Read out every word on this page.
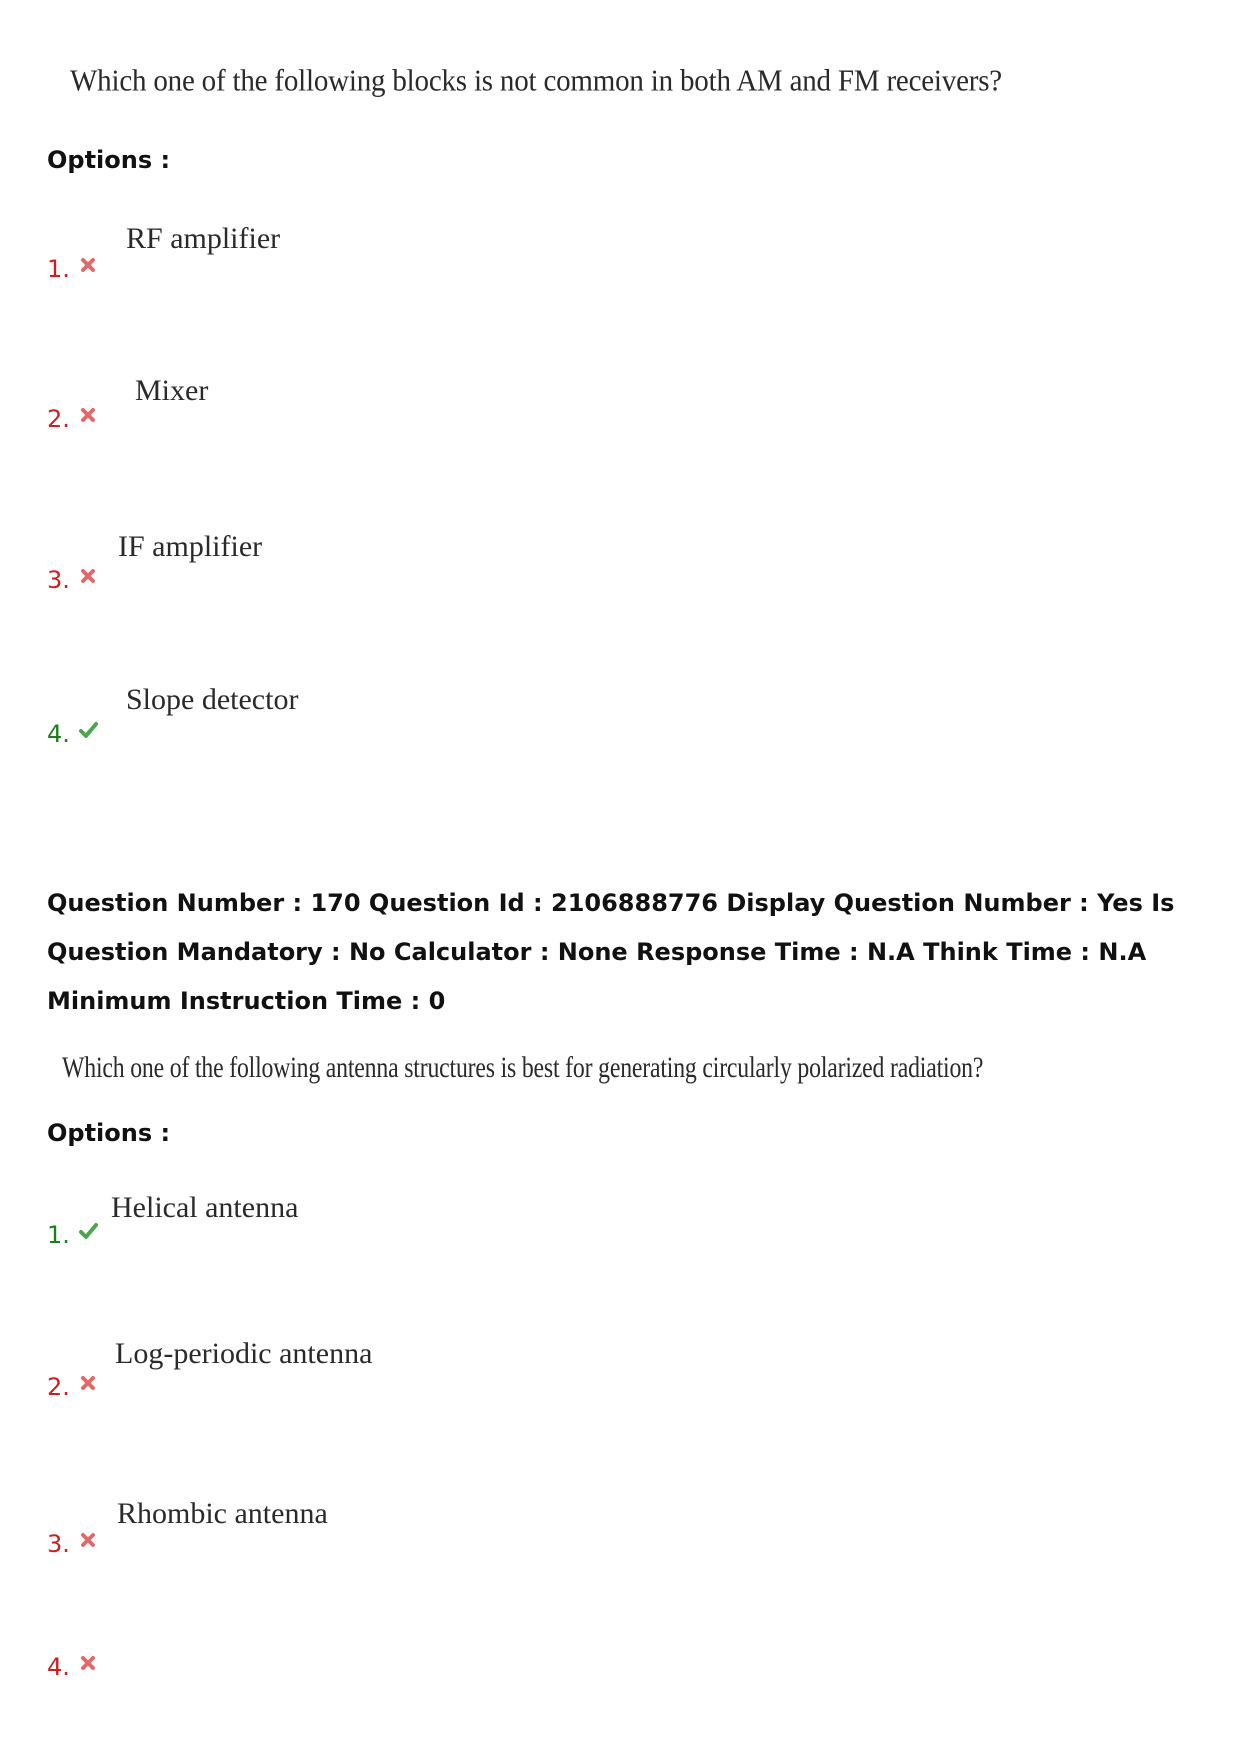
Which one of the following blocks is not common in both AM and FM receivers?
Options :
RF amplifier
1.
Mixer
2.
IF amplifier
3.
Slope detector
4.
Question Number : 170 Question Id : 2106888776 Display Question Number : Yes Is Question Mandatory : No Calculator : None Response Time : N.A Think Time : N.A Minimum Instruction Time : 0
Which one of the following antenna structures is best for generating circularly polarized radiation?
Options :
Helical antenna
1.
Log-periodic antenna
2.
Rhombic antenna
3.
4.
